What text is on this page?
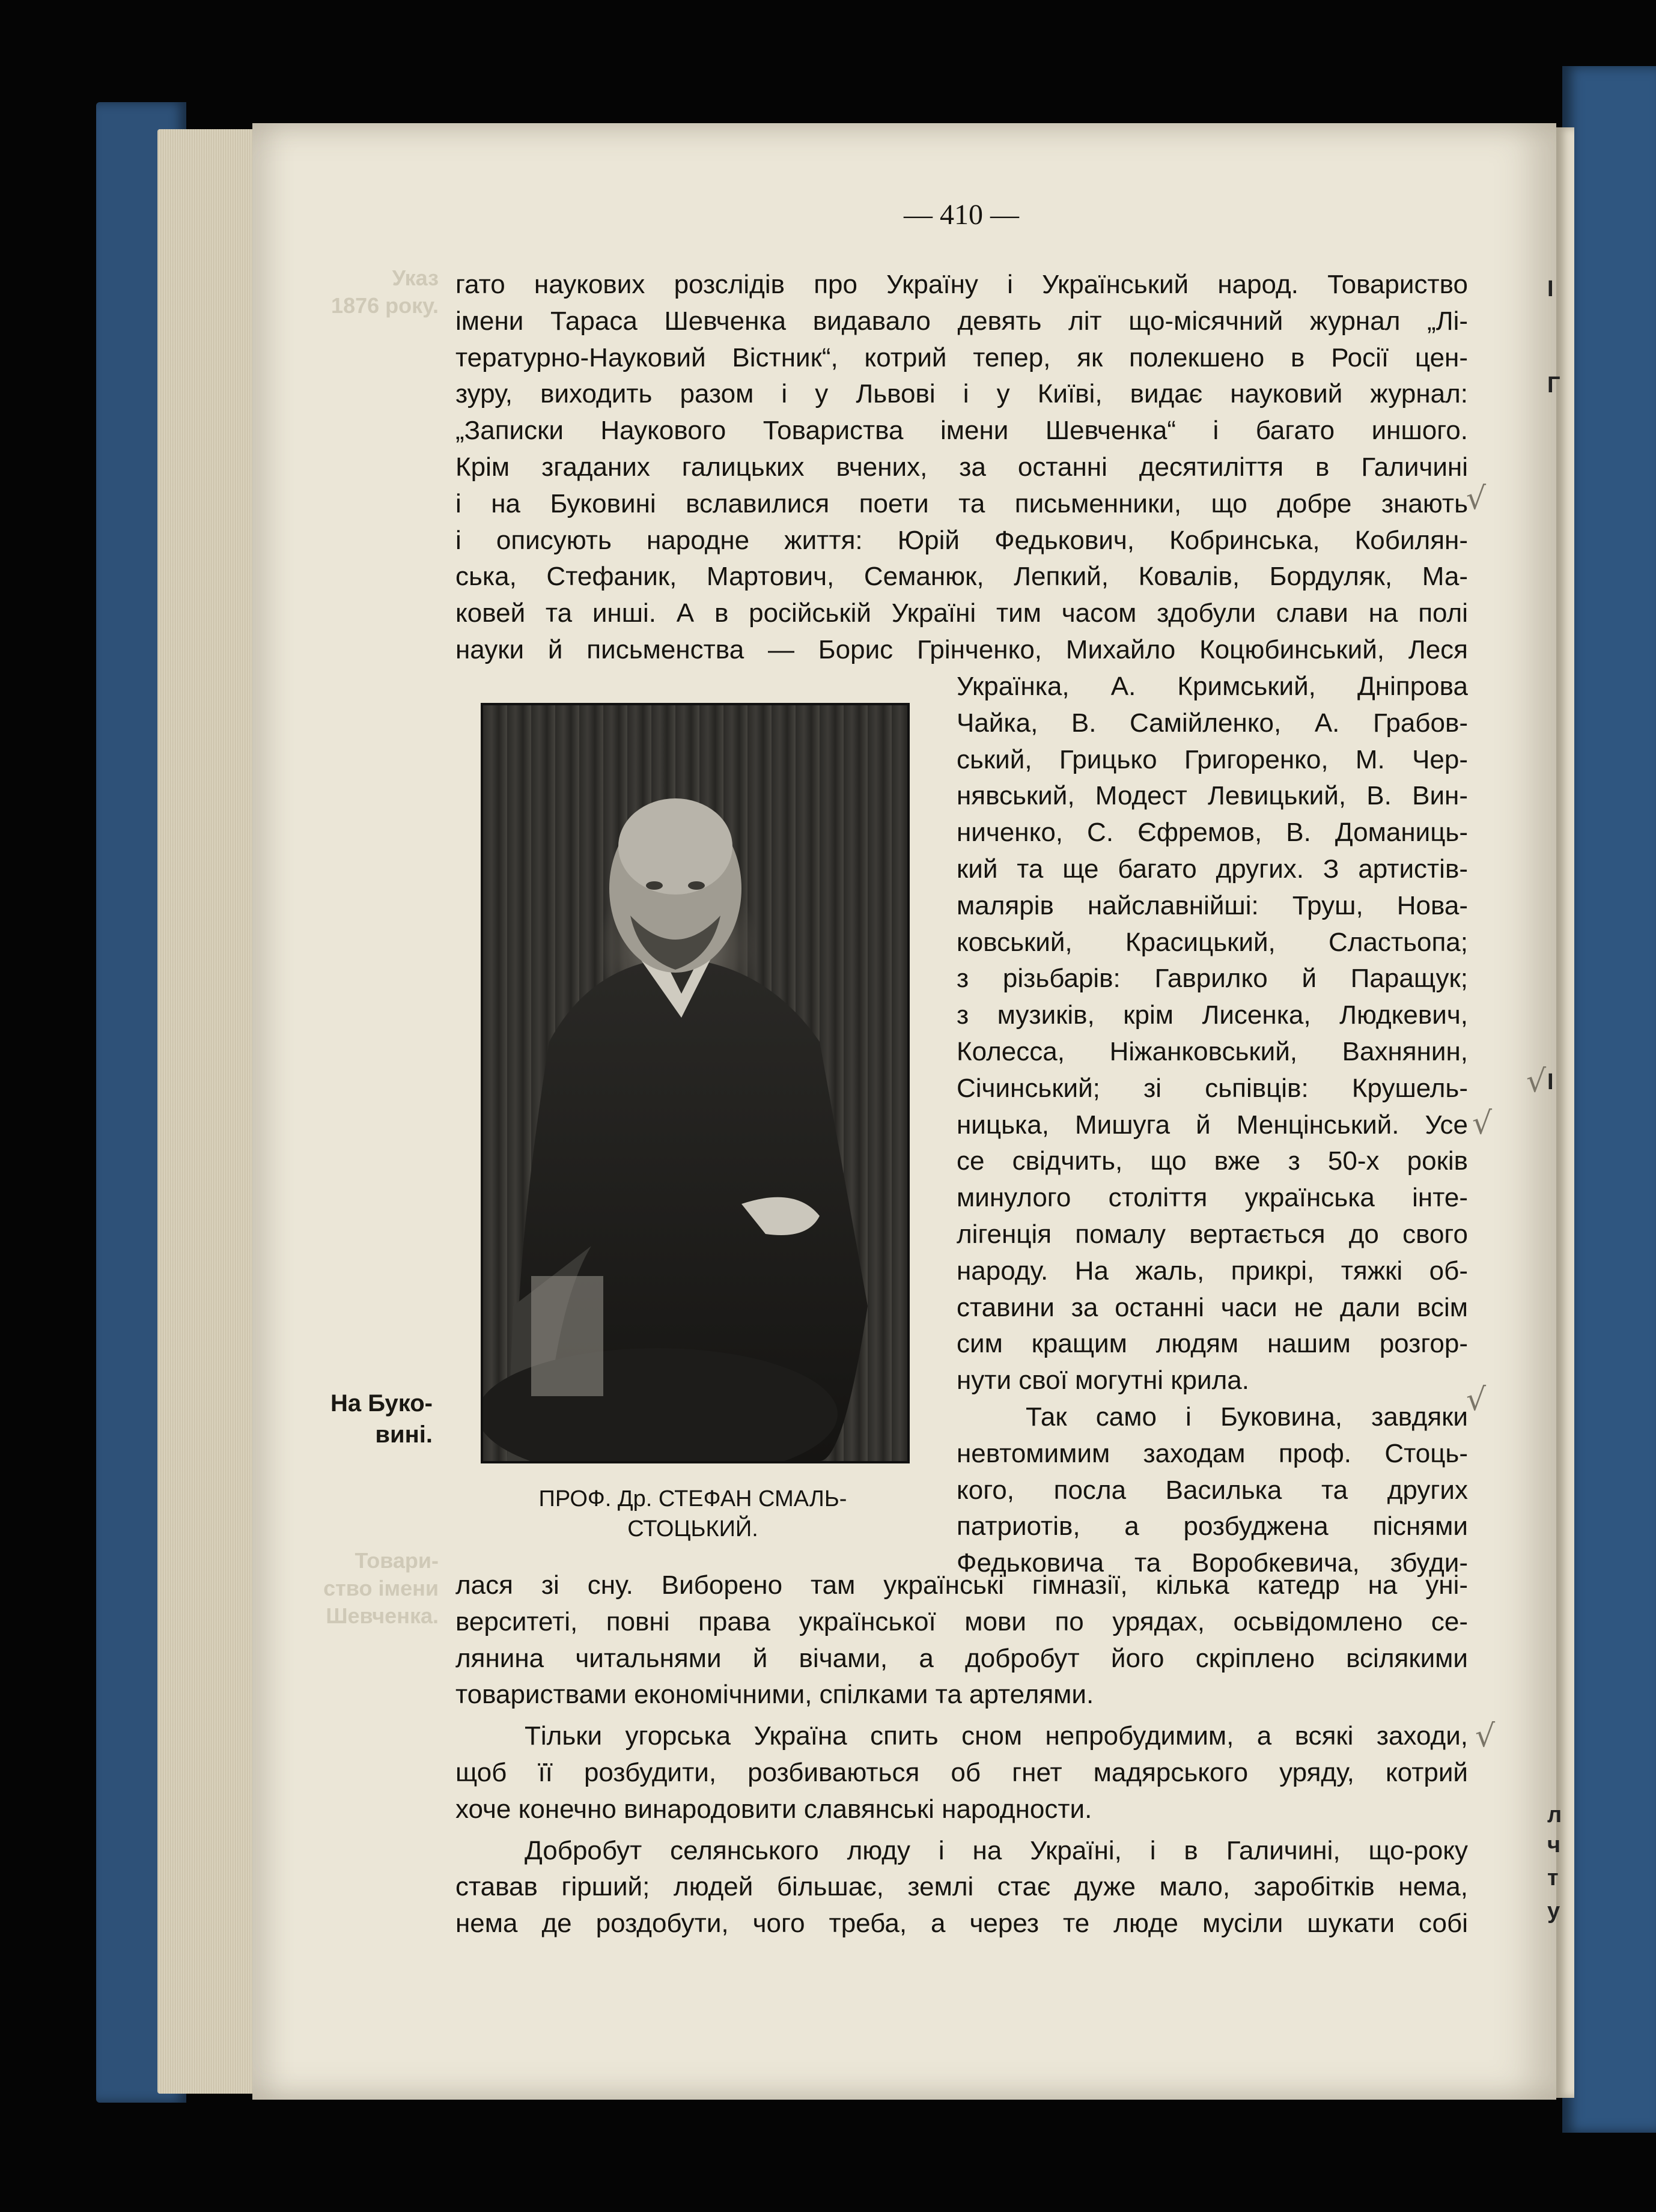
— 410 —
Указ
1876 року.
Товари-
ство імени
Шевченка.

гато наукових розслідів про Україну і Український народ. Товариство

імени Тараса Шевченка видавало девять літ що-місячний журнал „Лі-

тературно-Науковий Вістник“, котрий тепер, як полекшено в Росії цен-

зуру, виходить разом і у Львові і у Киïві, видає науковий журнал:

„Записки Наукового Товариства імени Шевченка“ і багато иншого.

Крім згаданих галицьких вчених, за останні десятиліття в Галичині

і на Буковині вславилися поети та письменники, що добре знають

і описують народне життя: Юрій Федькович, Кобринська, Кобилян-

ська, Стефаник, Мартович, Семанюк, Лепкий, Ковалів, Бордуляк, Ма-

ковей та инші. А в російській Україні тим часом здобули слави на полі

науки й письменства — Борис Грінченко, Михайло Коцюбинський, Леся

ПРОФ. Др. СТЕФАН СМАЛЬ-
СТОЦЬКИЙ.

Українка, А. Кримський, Дніпрова

Чайка, В. Самійленко, А. Грабов-

ський, Грицько Григоренко, М. Чер-

нявський, Модест Левицький, В. Вин-

ниченко, С. Єфремов, В. Доманиць-

кий та ще багато других. З артистів-

малярів найславнійші: Труш, Нова-

ковський, Красицький, Сластьопа;

з різьбарів: Гаврилко й Паращук;

з музиків, крім Лисенка, Людкевич,

Колесса, Ніжанковський, Вахнянин,

Січинський; зі сьпівців: Крушель-

ницька, Мишуга й Менцінський. Усе

се свідчить, що вже з 50-х років

минулого століття українська інте-

лігенція помалу вертається до свого

народу. На жаль, прикрі, тяжкі об-

ставини за останні часи не дали всім

сим кращим людям нашим розгор-

нути свої могутні крила.

Так само і Буковина, завдяки

невтомимим заходам проф. Стоць-

кого, посла Василька та других

патриотів, а розбуджена піснями

Федьковича та Воробкевича, збуди-

На Буко-
вині.

лася зі сну. Виборено там українські гімназії, кілька катедр на уні-

верситеті, повні права української мови по урядах, осьвідомлено се-

лянина читальнями й вічами, а добробут його скріплено всілякими

товариствами економічними, спілками та артелями.

Тільки угорська Україна спить сном непробудимим, а всякі заходи,

щоб її розбудити, розбиваються об гнет мадярського уряду, котрий

хоче конечно винародовити славянські народности.

Добробут селянського люду і на Україні, і в Галичині, що-року

ставав гірший; людей більшає, землі стає дуже мало, заробітків нема,

нема де роздобути, чого треба, а через те люде мусіли шукати собі

√
√
√
√
√
І
Г
І
л
ч
т
у
